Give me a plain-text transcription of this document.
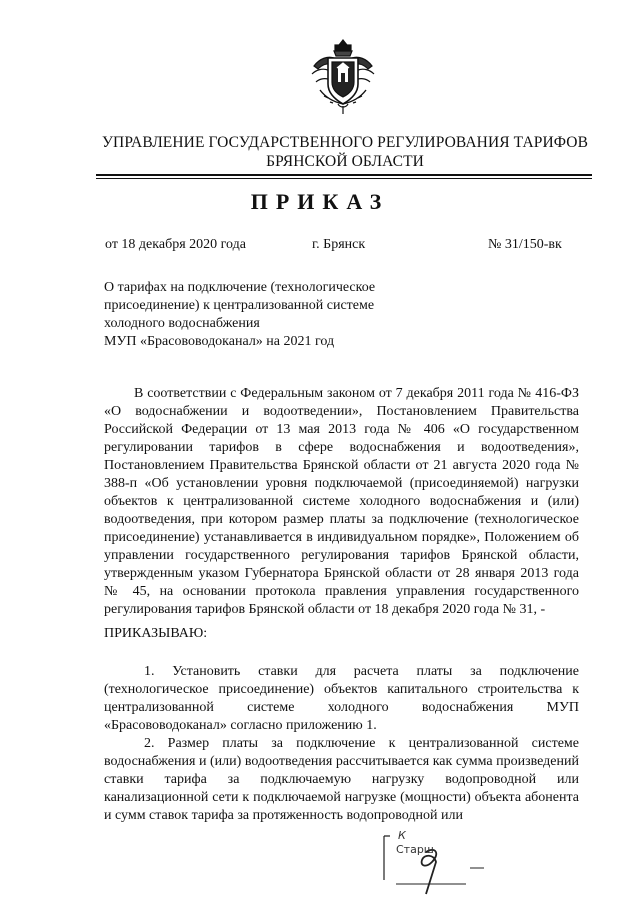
УПРАВЛЕНИЕ ГОСУДАРСТВЕННОГО РЕГУЛИРОВАНИЯ ТАРИФОВ
БРЯНСКОЙ ОБЛАСТИ
ПРИКАЗ
от 18 декабря 2020 года	г. Брянск	№ 31/150-вк
О тарифах на подключение (технологическое
присоединение) к централизованной системе
холодного водоснабжения
МУП «Брасововодоканал» на 2021 год
В соответствии с Федеральным законом от 7 декабря 2011 года № 416-ФЗ «О водоснабжении и водоотведении», Постановлением Правительства Российской Федерации от 13 мая 2013 года № 406 «О государственном регулировании тарифов в сфере водоснабжения и водоотведения», Постановлением Правительства Брянской области от 21 августа 2020 года № 388-п «Об установлении уровня подключаемой (присоединяемой) нагрузки объектов к централизованной системе холодного водоснабжения и (или) водоотведения, при котором размер платы за подключение (технологическое присоединение) устанавливается в индивидуальном порядке», Положением об управлении государственного регулирования тарифов Брянской области, утвержденным указом Губернатора Брянской области от 28 января 2013 года № 45, на основании протокола правления управления государственного регулирования тарифов Брянской области от 18 декабря 2020 года № 31, -
ПРИКАЗЫВАЮ:
1. Установить ставки для расчета платы за подключение (технологическое присоединение) объектов капитального строительства к централизованной системе холодного водоснабжения МУП «Брасововодоканал» согласно приложению 1.
2. Размер платы за подключение к централизованной системе водоснабжения и (или) водоотведения рассчитывается как сумма произведений ставки тарифа за подключаемую нагрузку водопроводной или канализационной сети к подключаемой нагрузке (мощности) объекта абонента и сумм ставок тарифа за протяженность водопроводной или
К
Старш
